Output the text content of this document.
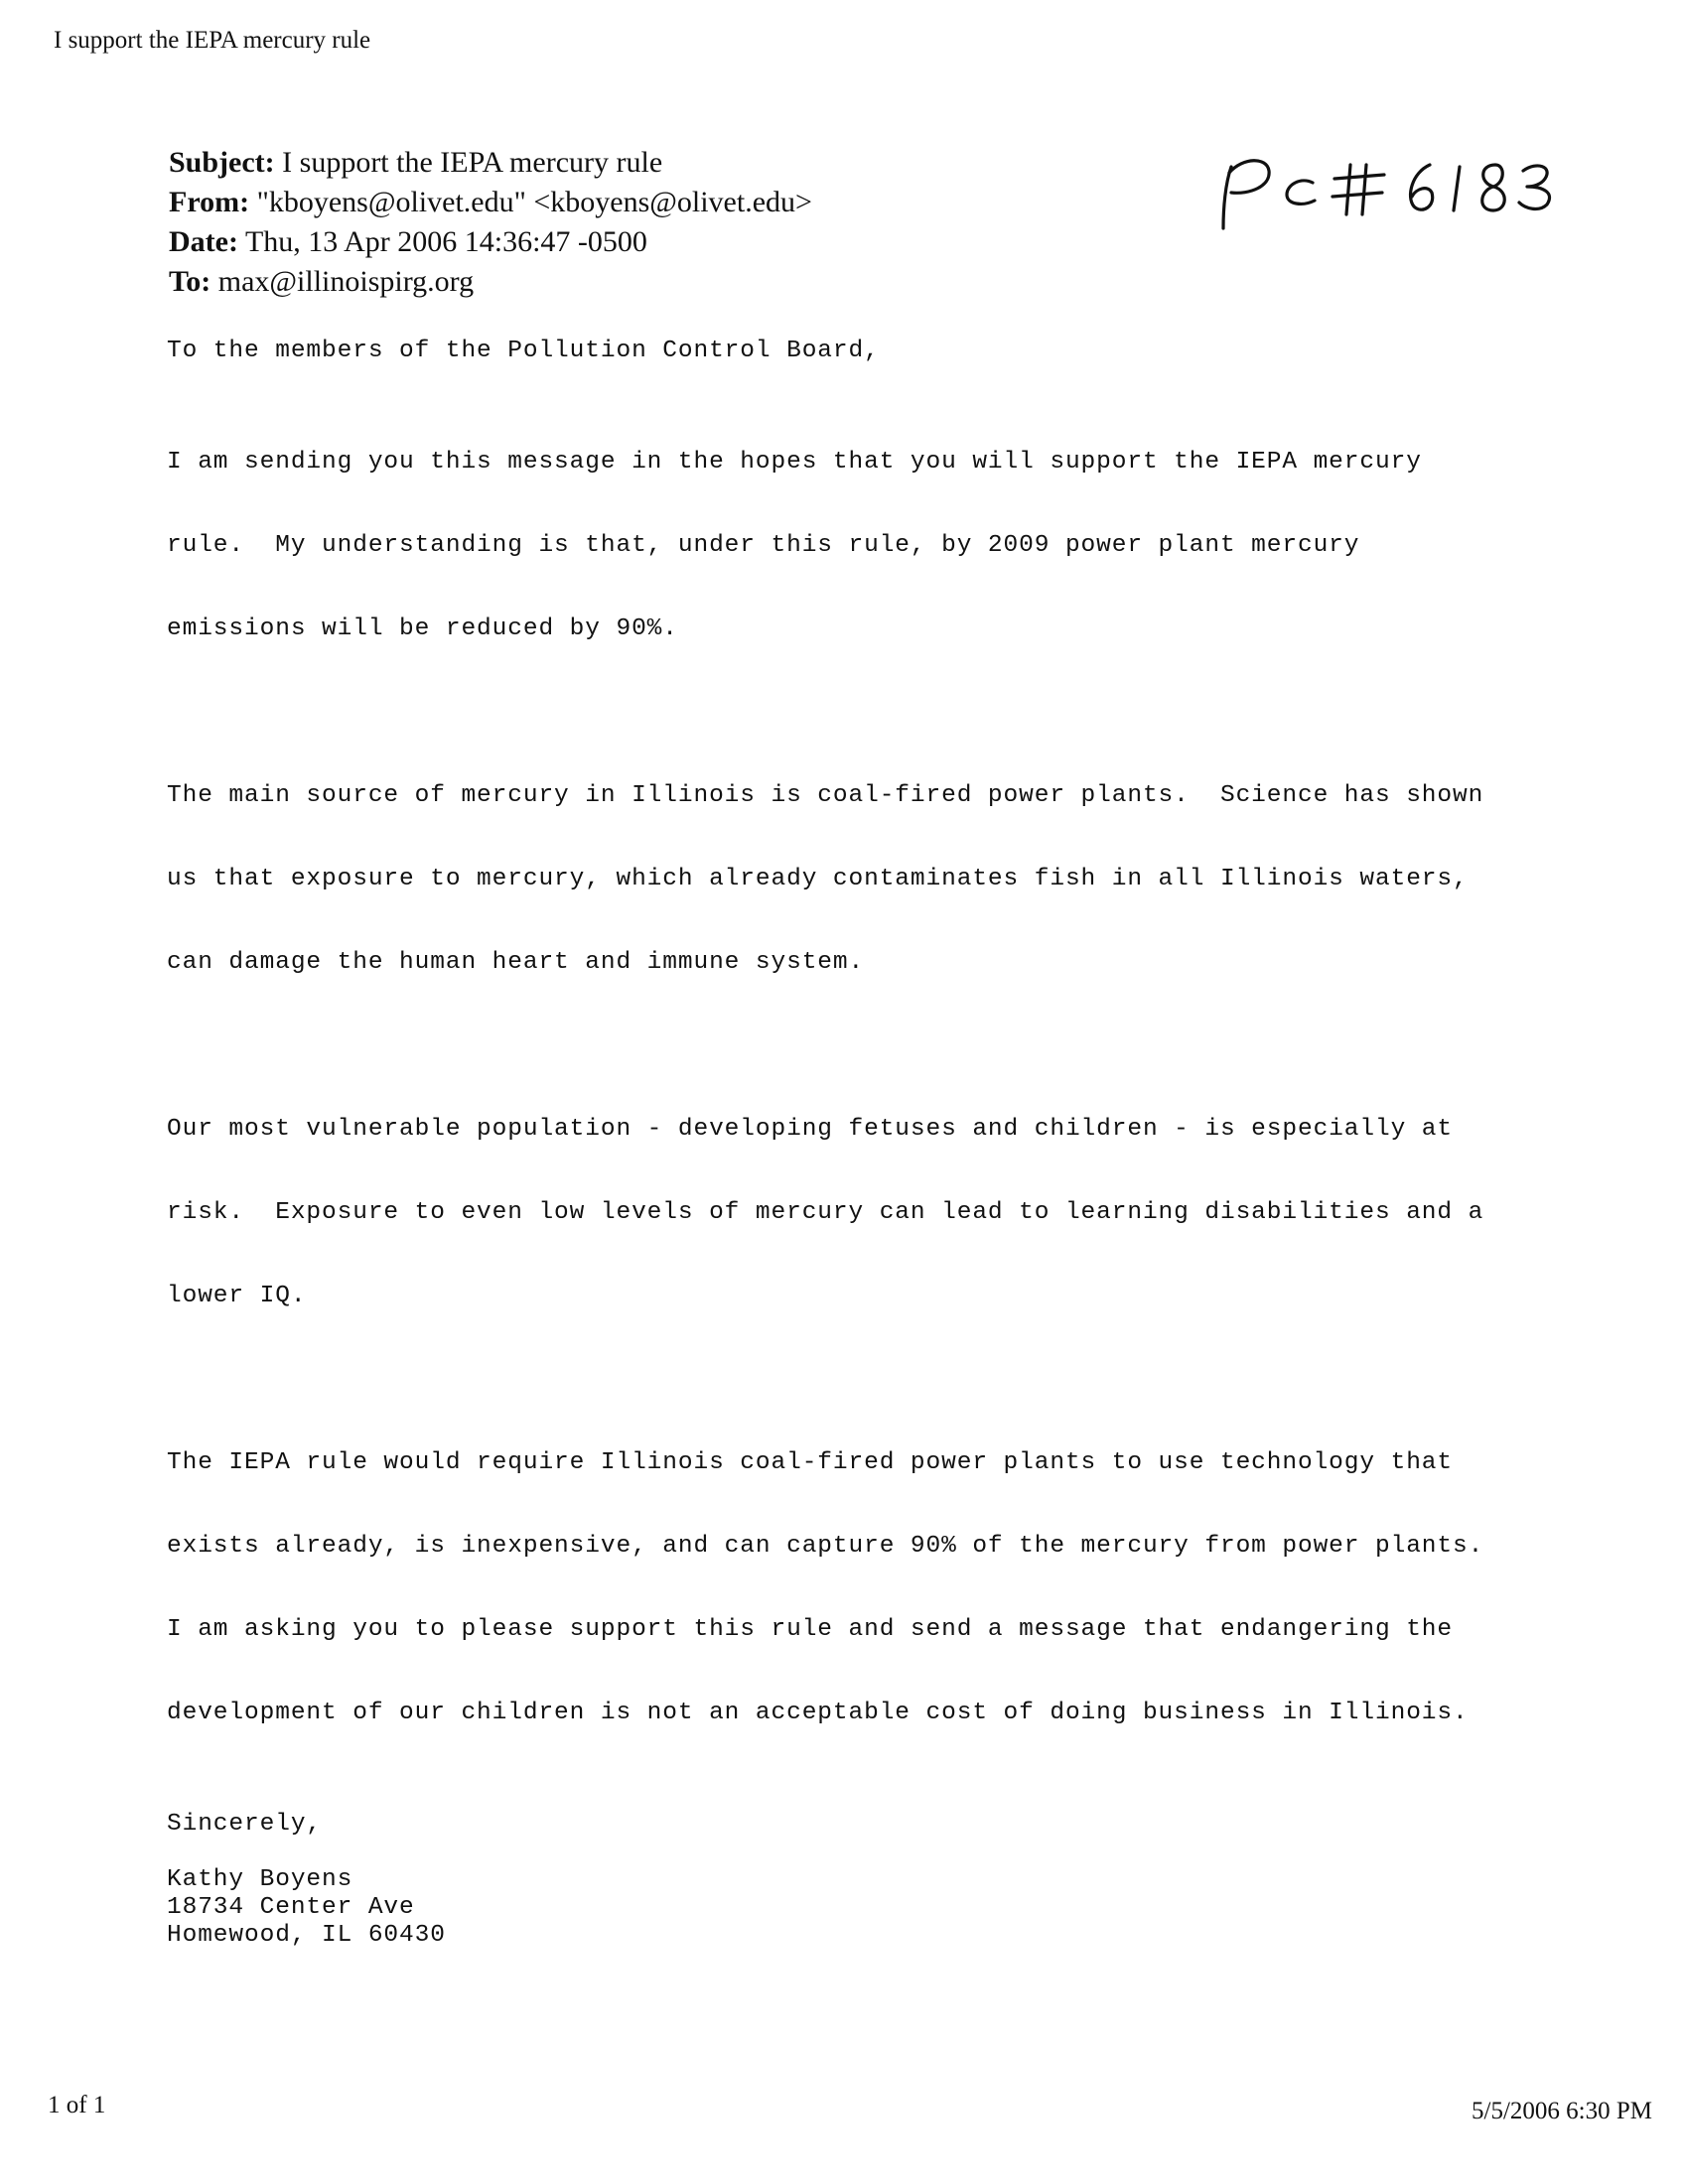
I support the IEPA mercury rule
Subject: I support the IEPA mercury rule
From: "kboyens@olivet.edu" <kboyens@olivet.edu>
Date: Thu, 13 Apr 2006 14:36:47 -0500
To: max@illinoispirg.org
To the members of the Pollution Control Board,

I am sending you this message in the hopes that you will support the IEPA mercury

rule.  My understanding is that, under this rule, by 2009 power plant mercury

emissions will be reduced by 90%.

The main source of mercury in Illinois is coal-fired power plants.  Science has shown

us that exposure to mercury, which already contaminates fish in all Illinois waters,

can damage the human heart and immune system.

Our most vulnerable population - developing fetuses and children - is especially at

risk.  Exposure to even low levels of mercury can lead to learning disabilities and a

lower IQ.

The IEPA rule would require Illinois coal-fired power plants to use technology that

exists already, is inexpensive, and can capture 90% of the mercury from power plants.

I am asking you to please support this rule and send a message that endangering the

development of our children is not an acceptable cost of doing business in Illinois.

Sincerely,
Kathy Boyens
18734 Center Ave
Homewood, IL 60430
1 of 1	5/5/2006 6:30 PM
